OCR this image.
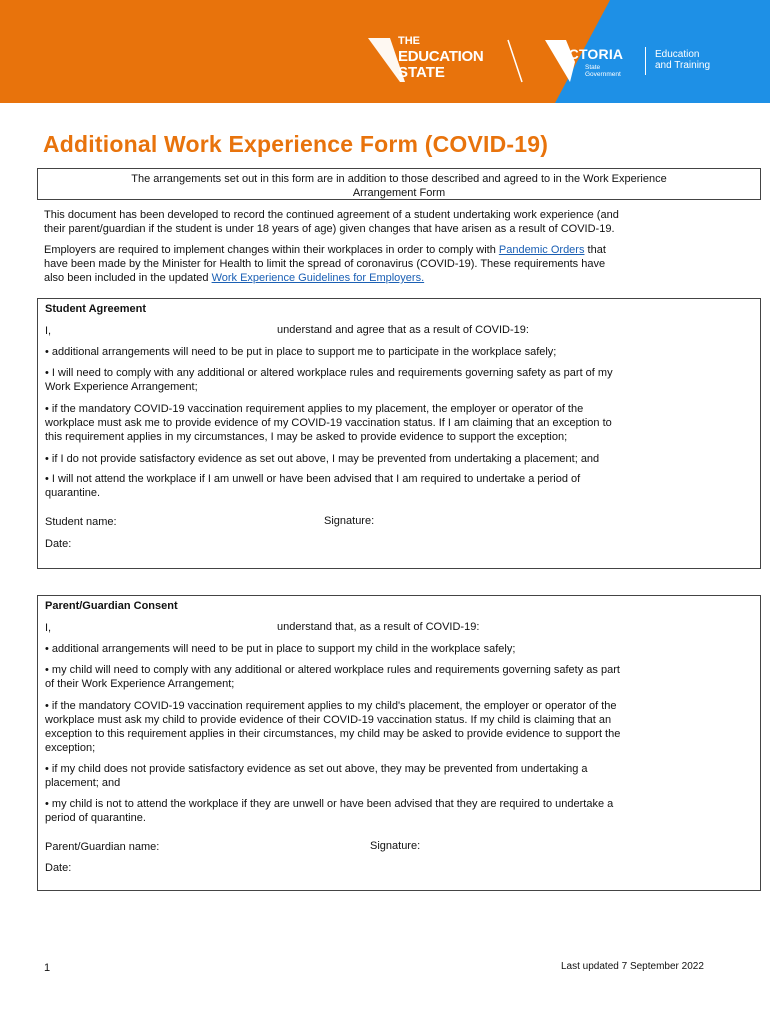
THE
EDUCATION
STATE
VICTORIA
State
Government
Education
and Training
Additional Work Experience Form (COVID-19)
The arrangements set out in this form are in addition to those described and agreed to in the Work Experience
Arrangement Form

This document has been developed to record the continued agreement of a student undertaking work experience (and
their parent/guardian if the student is under 18 years of age) given changes that have arisen as a result of COVID-19.

Employers are required to implement changes within their workplaces in order to comply with Pandemic Orders that
have been made by the Minister for Health to limit the spread of coronavirus (COVID-19). These requirements have
also been included in the updated Work Experience Guidelines for Employers.

Student Agreement
I,	understand and agree that as a result of COVID-19:
• additional arrangements will need to be put in place to support me to participate in the workplace safely;
• I will need to comply with any additional or altered workplace rules and requirements governing safety as part of my
Work Experience Arrangement;
• if the mandatory COVID-19 vaccination requirement applies to my placement, the employer or operator of the
workplace must ask me to provide evidence of my COVID-19 vaccination status. If I am claiming that an exception to
this requirement applies in my circumstances, I may be asked to provide evidence to support the exception;
• if I do not provide satisfactory evidence as set out above, I may be prevented from undertaking a placement; and
• I will not attend the workplace if I am unwell or have been advised that I am required to undertake a period of
quarantine.
Student name:	Signature:
Date:
Parent/Guardian Consent
I,	understand that, as a result of COVID-19:
• additional arrangements will need to be put in place to support my child in the workplace safely;
• my child will need to comply with any additional or altered workplace rules and requirements governing safety as part
of their Work Experience Arrangement;
• if the mandatory COVID-19 vaccination requirement applies to my child's placement, the employer or operator of the
workplace must ask my child to provide evidence of their COVID-19 vaccination status. If my child is claiming that an
exception to this requirement applies in their circumstances, my child may be asked to provide evidence to support the
exception;
• if my child does not provide satisfactory evidence as set out above, they may be prevented from undertaking a
placement; and
• my child is not to attend the workplace if they are unwell or have been advised that they are required to undertake a
period of quarantine.
Parent/Guardian name:	Signature:
Date:
1	Last updated 7 September 2022
